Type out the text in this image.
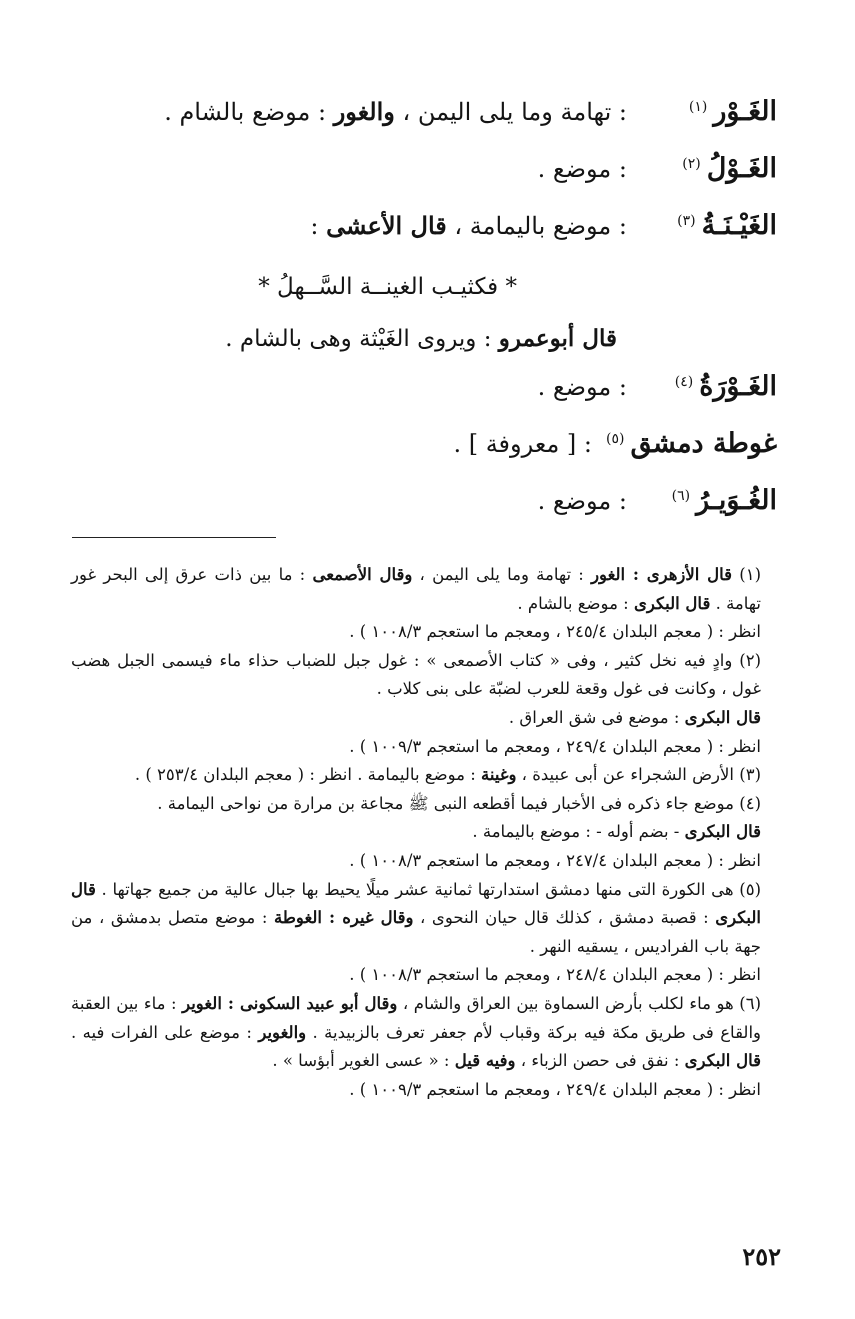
الغَـوْر$^{(١)}$
: تهامة وما يلى اليمن ، والغور : موضع بالشام .
الغَـوْلُ$^{(٢)}$
: موضع .
الغَيْـنَـةُ$^{(٣)}$
: موضع باليمامة ، قال الأعشى :
* فكثيـب الغينــة السَّــهلُ *
قال أبوعمرو : ويروى الغَيْثة وهى بالشام .
الغَـوْرَةُ$^{(٤)}$
: موضع .
غوطة دمشق$^{(٥)}$
: [ معروفة ] .
الغُـوَيـرُ$^{(٦)}$
: موضع .

(١) قال الأزهرى : الغور : تهامة وما يلى اليمن ، وقال الأصمعى : ما بين ذات عرق إلى البحر غور تهامة . قال البكرى : موضع بالشام .

انظر : ( معجم البلدان ٢٤٥/٤ ، ومعجم ما استعجم ١٠٠٨/٣ ) .

(٢) وادٍ فيه نخل كثير ، وفى « كتاب الأصمعى » : غول جبل للضباب حذاء ماء فيسمى الجبل هضب غول ، وكانت فى غول وقعة للعرب لضبّة على بنى كلاب .

قال البكرى : موضع فى شق العراق .

انظر : ( معجم البلدان ٢٤٩/٤ ، ومعجم ما استعجم ١٠٠٩/٣ ) .

(٣) الأرض الشجراء عن أبى عبيدة ، وغينة : موضع باليمامة . انظر : ( معجم البلدان ٢٥٣/٤ ) .

(٤) موضع جاء ذكره فى الأخبار فيما أقطعه النبى ﷺ مجاعة بن مرارة من نواحى اليمامة .

قال البكرى - بضم أوله - : موضع باليمامة .

انظر : ( معجم البلدان ٢٤٧/٤ ، ومعجم ما استعجم ١٠٠٨/٣ ) .

(٥) هى الكورة التى منها دمشق استدارتها ثمانية عشر ميلًا يحيط بها جبال عالية من جميع جهاتها . قال البكرى : قصبة دمشق ، كذلك قال حيان النحوى ، وقال غيره : الغوطة : موضع متصل بدمشق ، من جهة باب الفراديس ، يسقيه النهر .

انظر : ( معجم البلدان ٢٤٨/٤ ، ومعجم ما استعجم ١٠٠٨/٣ ) .

(٦) هو ماء لكلب بأرض السماوة بين العراق والشام ، وقال أبو عبيد السكونى : الغوير : ماء بين العقبة والقاع فى طريق مكة فيه بركة وقباب لأم جعفر تعرف بالزبيدية . والغوير : موضع على الفرات فيه . قال البكرى : نفق فى حصن الزباء ، وفيه قيل : « عسى الغوير أبؤسا » .

انظر : ( معجم البلدان ٢٤٩/٤ ، ومعجم ما استعجم ١٠٠٩/٣ ) .

٢٥٢
